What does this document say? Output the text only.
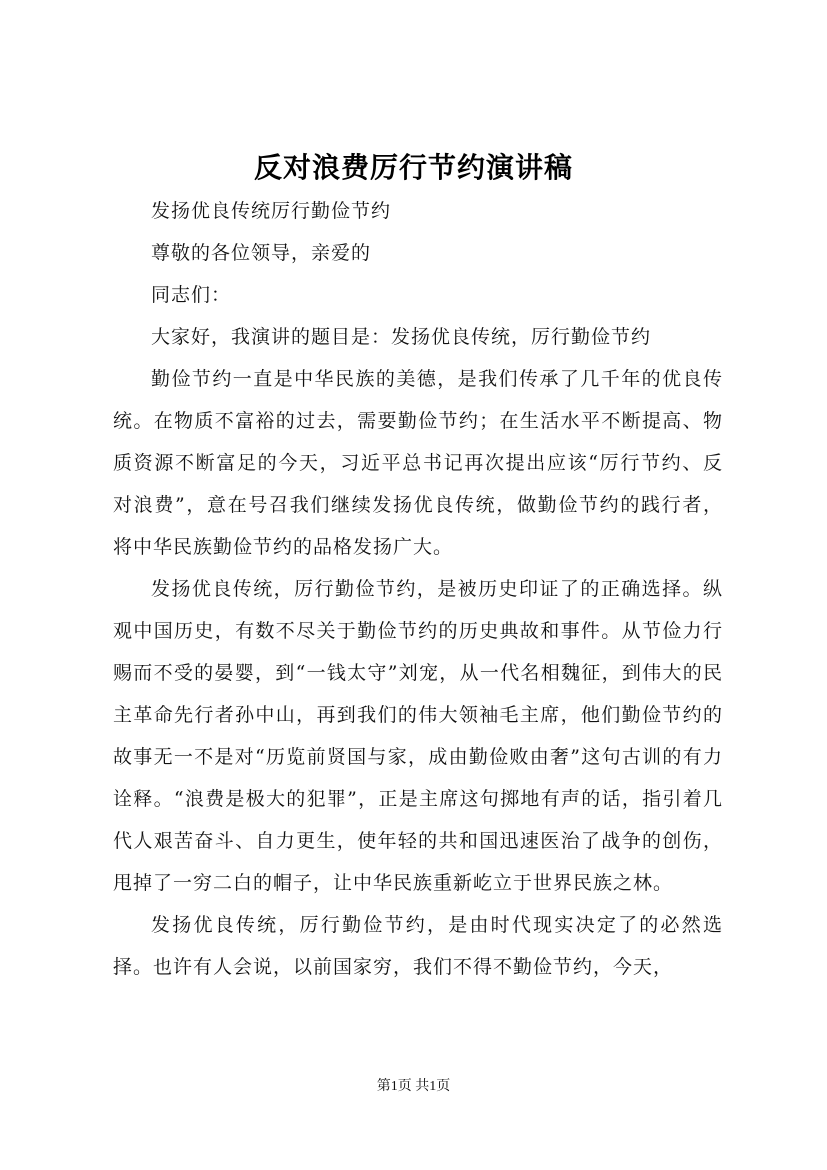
反对浪费厉行节约演讲稿

发扬优良传统厉行勤俭节约

尊敬的各位领导，亲爱的

同志们：

大家好，我演讲的题目是：发扬优良传统，厉行勤俭节约

勤俭节约一直是中华民族的美德，是我们传承了几千年的优良传统。在物质不富裕的过去，需要勤俭节约；在生活水平不断提高、物质资源不断富足的今天，习近平总书记再次提出应该“厉行节约、反对浪费”，意在号召我们继续发扬优良传统，做勤俭节约的践行者，将中华民族勤俭节约的品格发扬广大。

发扬优良传统，厉行勤俭节约，是被历史印证了的正确选择。纵观中国历史，有数不尽关于勤俭节约的历史典故和事件。从节俭力行赐而不受的晏婴，到“一钱太守”刘宠，从一代名相魏征，到伟大的民主革命先行者孙中山，再到我们的伟大领袖毛主席，他们勤俭节约的故事无一不是对“历览前贤国与家，成由勤俭败由奢”这句古训的有力诠释。“浪费是极大的犯罪”，正是主席这句掷地有声的话，指引着几代人艰苦奋斗、自力更生，使年轻的共和国迅速医治了战争的创伤，甩掉了一穷二白的帽子，让中华民族重新屹立于世界民族之林。

发扬优良传统，厉行勤俭节约，是由时代现实决定了的必然选择。也许有人会说，以前国家穷，我们不得不勤俭节约，今天，

第1页 共1页
